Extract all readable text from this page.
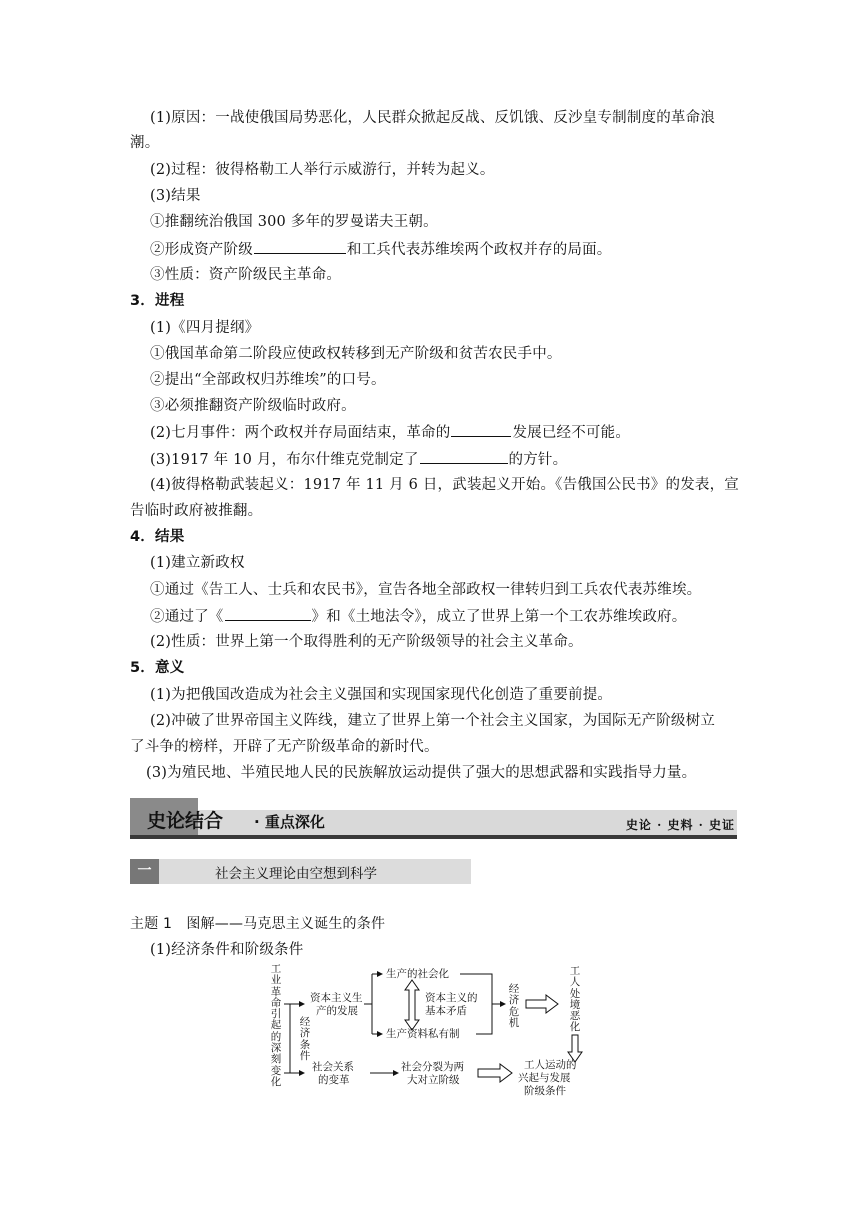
(1)原因：一战使俄国局势恶化，人民群众掀起反战、反饥饿、反沙皇专制制度的革命浪
潮。
(2)过程：彼得格勒工人举行示威游行，并转为起义。
(3)结果
①推翻统治俄国 300 多年的罗曼诺夫王朝。
②形成资产阶级	和工兵代表苏维埃两个政权并存的局面。
③性质：资产阶级民主革命。
3．进程
(1)《四月提纲》
①俄国革命第二阶段应使政权转移到无产阶级和贫苦农民手中。
②提出“全部政权归苏维埃”的口号。
③必须推翻资产阶级临时政府。
(2)七月事件：两个政权并存局面结束，革命的	发展已经不可能。
(3)1917 年 10 月，布尔什维克党制定了	的方针。
(4)彼得格勒武装起义：1917 年 11 月 6 日，武装起义开始。《告俄国公民书》的发表，宣
告临时政府被推翻。
4．结果
(1)建立新政权
①通过《告工人、士兵和农民书》，宣告各地全部政权一律转归到工兵农代表苏维埃。
②通过了《	》和《土地法令》，成立了世界上第一个工农苏维埃政府。
(2)性质：世界上第一个取得胜利的无产阶级领导的社会主义革命。
5．意义
(1)为把俄国改造成为社会主义强国和实现国家现代化创造了重要前提。
(2)冲破了世界帝国主义阵线，建立了世界上第一个社会主义国家，为国际无产阶级树立
了斗争的榜样，开辟了无产阶级革命的新时代。
(3)为殖民地、半殖民地人民的民族解放运动提供了强大的思想武器和实践指导力量。
史论结合 · 重点深化	史论 · 史料 · 史证
一	社会主义理论由空想到科学
主题 1　图解——马克思主义诞生的条件
(1)经济条件和阶级条件
工业革命引起的深刻变化
资本主义生
产的发展
经济条件
社会关系
的变革
生产的社会化
资本主义的
基本矛盾
生产资料私有制
经济危机
工人处境恶化
社会分裂为两
大对立阶级
工人运动的
兴起与发展
阶级条件
